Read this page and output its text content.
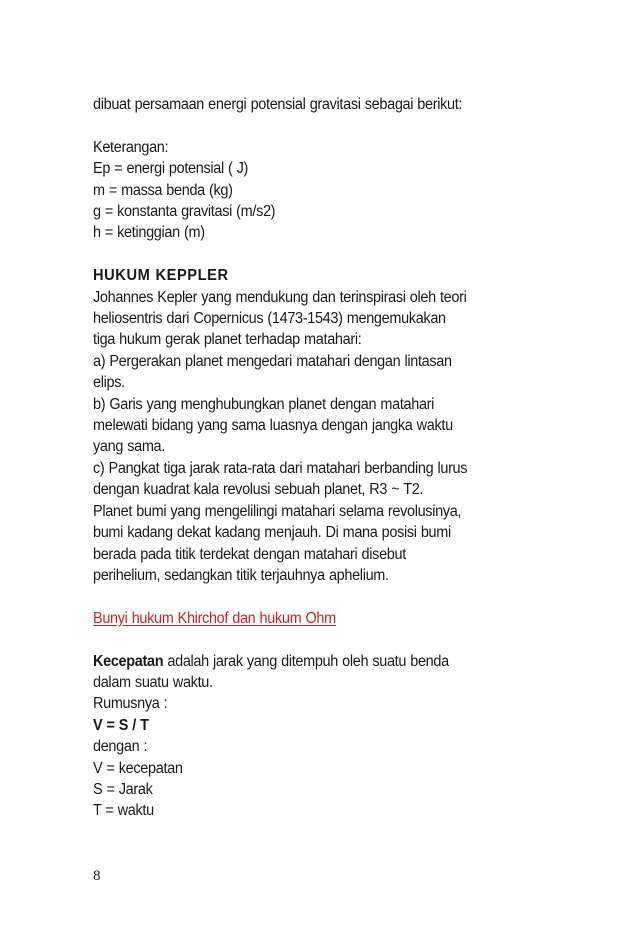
dibuat persamaan energi potensial gravitasi sebagai berikut:
Keterangan:
Ep = energi potensial ( J)
m = massa benda (kg)
g = konstanta gravitasi (m/s2)
h = ketinggian (m)
HUKUM KEPPLER
Johannes Kepler yang mendukung dan terinspirasi oleh teori
heliosentris dari Copernicus (1473-1543) mengemukakan
tiga hukum gerak planet terhadap matahari:
a) Pergerakan planet mengedari matahari dengan lintasan
elips.
b) Garis yang menghubungkan planet dengan matahari
melewati bidang yang sama luasnya dengan jangka waktu
yang sama.
c) Pangkat tiga jarak rata-rata dari matahari berbanding lurus
dengan kuadrat kala revolusi sebuah planet, R3 ~ T2.
Planet bumi yang mengelilingi matahari selama revolusinya,
bumi kadang dekat kadang menjauh. Di mana posisi bumi
berada pada titik terdekat dengan matahari disebut
perihelium, sedangkan titik terjauhnya aphelium.
Bunyi hukum Khirchof dan hukum Ohm
Kecepatan adalah jarak yang ditempuh oleh suatu benda
dalam suatu waktu.
Rumusnya :
V = S / T
dengan :
V = kecepatan
S = Jarak
T = waktu
8
